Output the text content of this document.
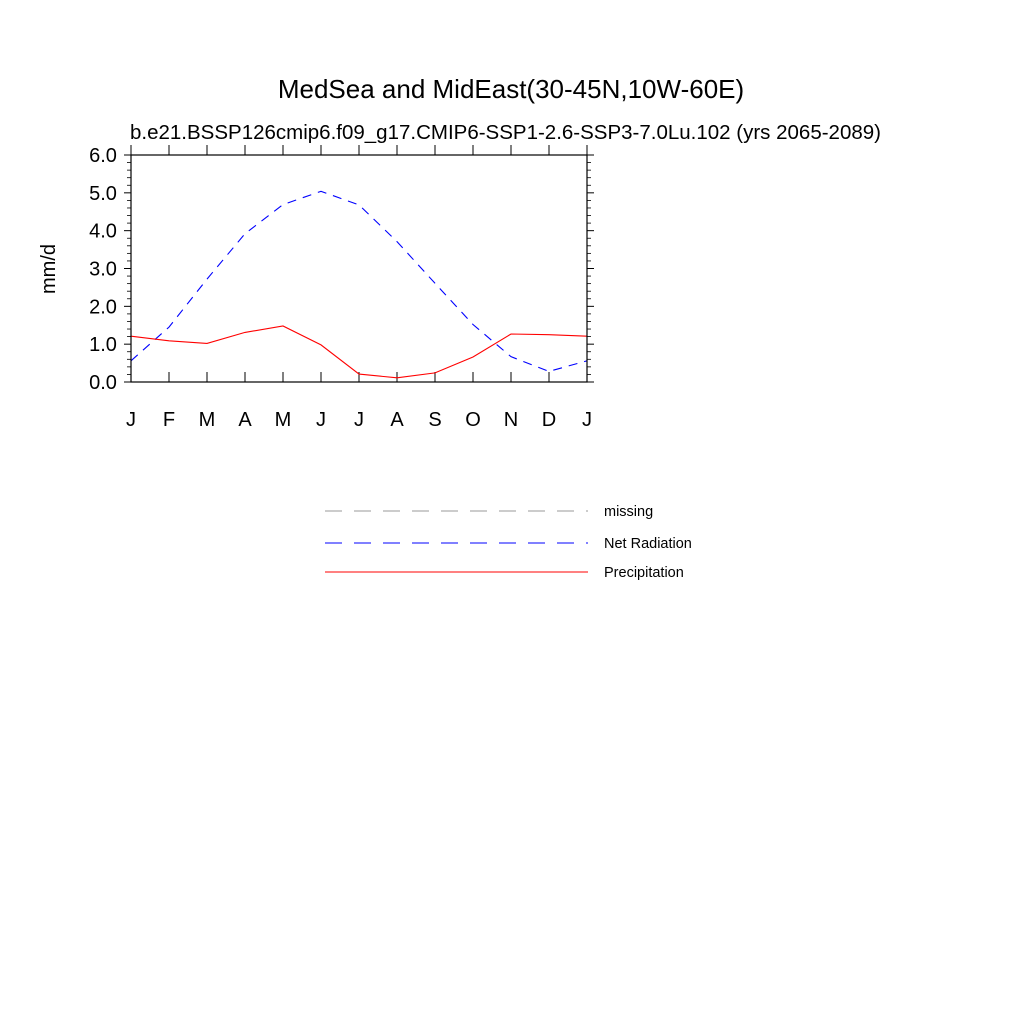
MedSea and MidEast(30-45N,10W-60E)
b.e21.BSSP126cmip6.f09_g17.CMIP6-SSP1-2.6-SSP3-7.0Lu.102 (yrs 2065-2089)
mm/d
0.0
1.0
2.0
3.0
4.0
5.0
6.0
J F M A M J J A S O N D J
missing
Net Radiation
Precipitation
